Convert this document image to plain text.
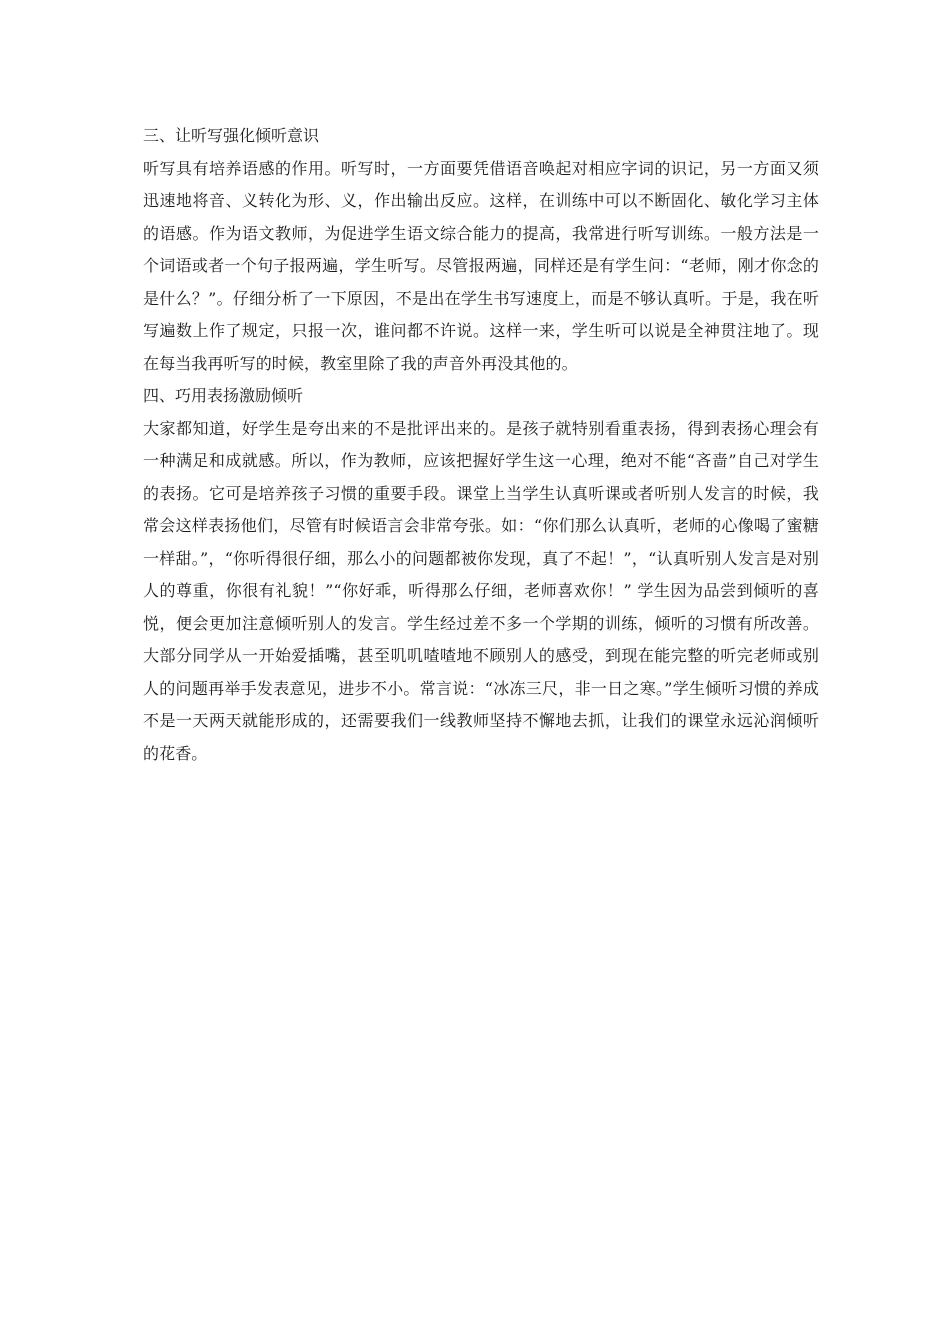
三、让听写强化倾听意识

听写具有培养语感的作用。听写时，一方面要凭借语音唤起对相应字词的识记，另一方面又须迅速地将音、义转化为形、义，作出输出反应。这样，在训练中可以不断固化、敏化学习主体的语感。作为语文教师，为促进学生语文综合能力的提高，我常进行听写训练。一般方法是一个词语或者一个句子报两遍，学生听写。尽管报两遍，同样还是有学生问：“老师，刚才你念的是什么？”。仔细分析了一下原因，不是出在学生书写速度上，而是不够认真听。于是，我在听写遍数上作了规定，只报一次，谁问都不许说。这样一来，学生听可以说是全神贯注地了。现在每当我再听写的时候，教室里除了我的声音外再没其他的。

四、巧用表扬激励倾听

大家都知道，好学生是夸出来的不是批评出来的。是孩子就特别看重表扬，得到表扬心理会有一种满足和成就感。所以，作为教师，应该把握好学生这一心理，绝对不能“吝啬”自己对学生的表扬。它可是培养孩子习惯的重要手段。课堂上当学生认真听课或者听别人发言的时候，我常会这样表扬他们，尽管有时候语言会非常夸张。如：“你们那么认真听，老师的心像喝了蜜糖一样甜。”，“你听得很仔细，那么小的问题都被你发现，真了不起！”，“认真听别人发言是对别人的尊重，你很有礼貌！”“你好乖，听得那么仔细，老师喜欢你！” 学生因为品尝到倾听的喜悦，便会更加注意倾听别人的发言。学生经过差不多一个学期的训练，倾听的习惯有所改善。大部分同学从一开始爱插嘴，甚至叽叽喳喳地不顾别人的感受，到现在能完整的听完老师或别人的问题再举手发表意见，进步不小。常言说：“冰冻三尺，非一日之寒。”学生倾听习惯的养成不是一天两天就能形成的，还需要我们一线教师坚持不懈地去抓，让我们的课堂永远沁润倾听的花香。
